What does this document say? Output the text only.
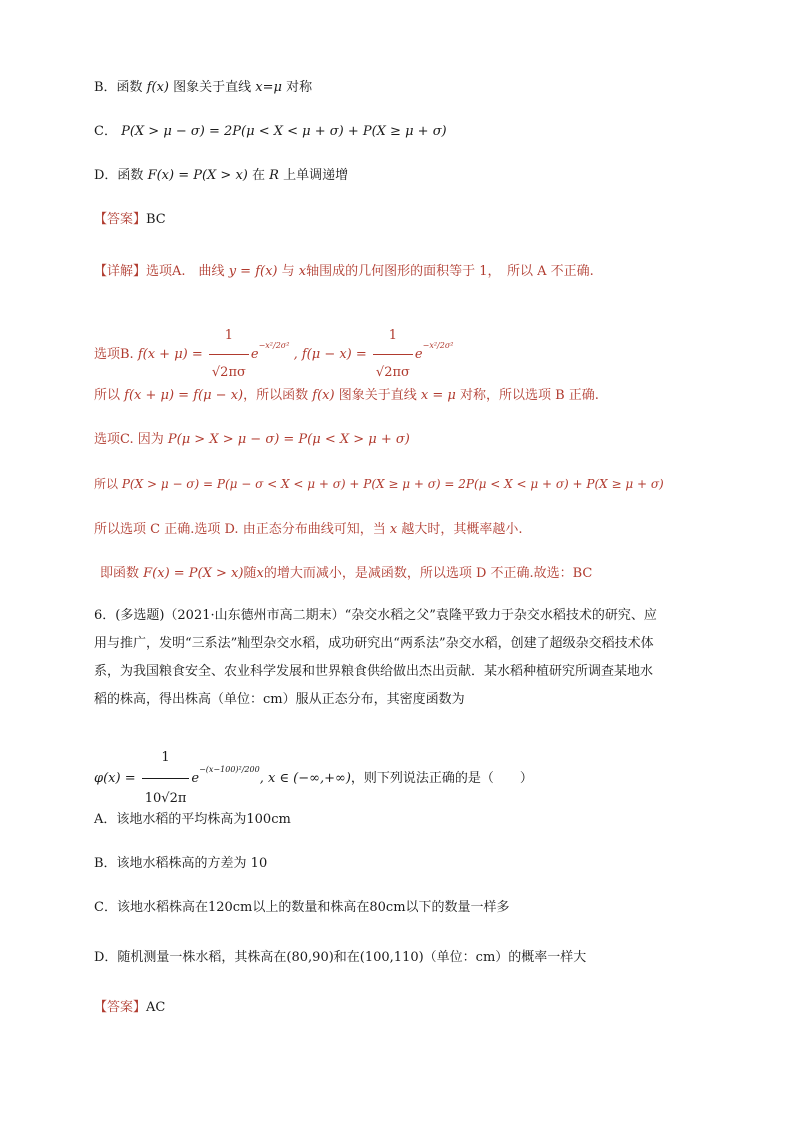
B．函数 f(x) 图象关于直线 x=μ 对称
C． P(X > μ − σ) = 2P(μ < X < μ + σ) + P(X ≥ μ + σ)
D．函数 F(x) = P(X > x) 在 R 上单调递增
【答案】BC
【详解】选项A.　曲线 y = f(x) 与 x轴围成的几何图形的面积等于 1，　所以 A 不正确.
选项B. $f(x + \mu) = \frac{1}{√2\pi\sigma} e^{-x^2/2\sigma^2}$ , $f(\mu - x) = \frac{1}{√2\pi\sigma} e^{-x^2/2\sigma^2}$
所以 f(x + μ) = f(μ − x)，所以函数 f(x) 图象关于直线 x = μ 对称，所以选项 B 正确.
选项C. 因为 P(μ > X > μ − σ) = P(μ < X > μ + σ)
所以 P(X > μ − σ) = P(μ − σ < X < μ + σ) + P(X ≥ μ + σ) = 2P(μ < X < μ + σ) + P(X ≥ μ + σ)
所以选项 C 正确.选项 D. 由正态分布曲线可知，当 x 越大时，其概率越小.
即函数 F(x) = P(X > x)随x的增大而减小，是减函数，所以选项 D 不正确.故选：BC
6．(多选题)（2021·山东德州市高二期末）“杂交水稻之父”袁隆平致力于杂交水稻技术的研究、应
用与推广，发明“三系法”籼型杂交水稻，成功研究出“两系法”杂交水稻，创建了超级杂交稻技术体
系，为我国粮食安全、农业科学发展和世界粮食供给做出杰出贡献．某水稻种植研究所调查某地水
稻的株高，得出株高（单位：cm）服从正态分布，其密度函数为
$\varphi(x) = \frac{1}{10√2\pi} e^{-(x-100)^2/200}$, x ∈ (−∞,+∞)，则下列说法正确的是（　　）
A．该地水稻的平均株高为100cm
B．该地水稻株高的方差为 10
C．该地水稻株高在120cm以上的数量和株高在80cm以下的数量一样多
D．随机测量一株水稻，其株高在(80,90)和在(100,110)（单位：cm）的概率一样大
【答案】AC
